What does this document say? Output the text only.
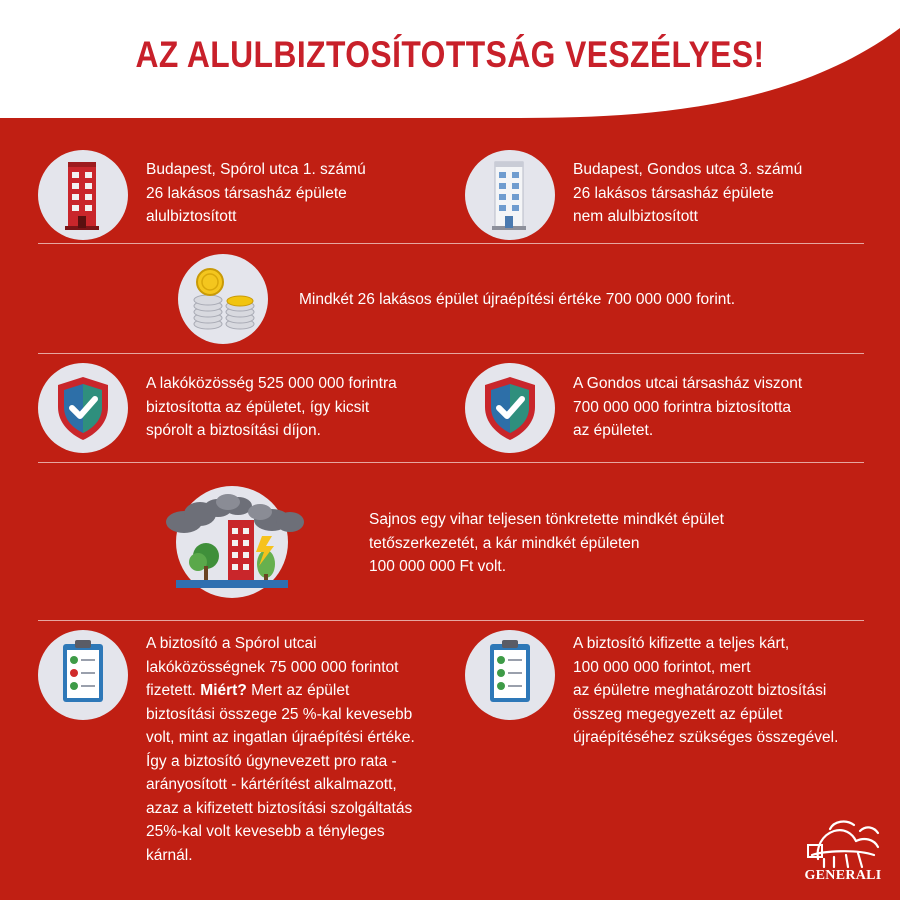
AZ ALULBIZTOSÍTOTTSÁG VESZÉLYES!
Budapest, Spórol utca 1. számú
26 lakásos társasház épülete
alulbiztosított
Budapest, Gondos utca 3. számú
26 lakásos társasház épülete
nem alulbiztosított
Mindkét 26 lakásos épület újraépítési értéke 700 000 000 forint.
A lakóközösség 525 000 000 forintra
biztosította az épületet, így kicsit
spórolt a biztosítási díjon.
A Gondos utcai társasház viszont
700 000 000 forintra biztosította
az épületet.
Sajnos egy vihar teljesen tönkretette mindkét épület
tetőszerkezetét, a kár mindkét épületen
100 000 000 Ft volt.
A biztosító a Spórol utcai
lakóközösségnek 75 000 000 forintot
fizetett. Miért? Mert az épület
biztosítási összege 25 %-kal kevesebb
volt, mint az ingatlan újraépítési értéke.
Így a biztosító úgynevezett pro rata -
arányosított - kártérítést alkalmazott,
azaz a kifizetett biztosítási szolgáltatás
25%-kal volt kevesebb a tényleges
kárnál.
A biztosító kifizette a teljes kárt,
100 000 000 forintot, mert
az épületre meghatározott biztosítási
összeg megegyezett az épület
újraépítéséhez szükséges összegével.
GENERALI
